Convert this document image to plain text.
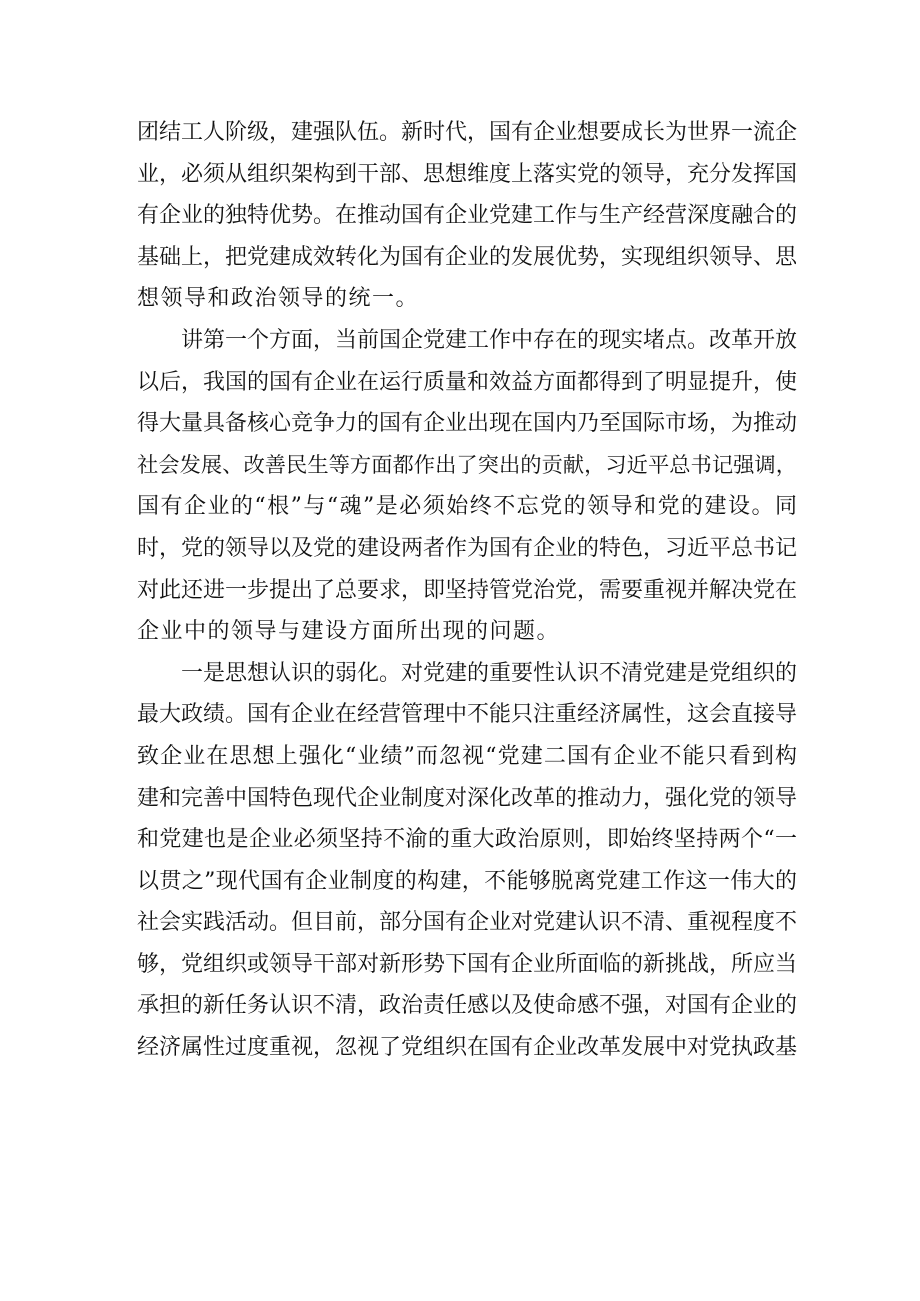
团结工人阶级，建强队伍。新时代，国有企业想要成长为世界一流企
业，必须从组织架构到干部、思想维度上落实党的领导，充分发挥国
有企业的独特优势。在推动国有企业党建工作与生产经营深度融合的
基础上，把党建成效转化为国有企业的发展优势，实现组织领导、思
想领导和政治领导的统一。
讲第一个方面，当前国企党建工作中存在的现实堵点。改革开放
以后，我国的国有企业在运行质量和效益方面都得到了明显提升，使
得大量具备核心竞争力的国有企业出现在国内乃至国际市场，为推动
社会发展、改善民生等方面都作出了突出的贡献，习近平总书记强调，
国有企业的“根”与“魂”是必须始终不忘党的领导和党的建设。同
时，党的领导以及党的建设两者作为国有企业的特色，习近平总书记
对此还进一步提出了总要求，即坚持管党治党，需要重视并解决党在
企业中的领导与建设方面所出现的问题。
一是思想认识的弱化。对党建的重要性认识不清党建是党组织的
最大政绩。国有企业在经营管理中不能只注重经济属性，这会直接导
致企业在思想上强化“业绩”而忽视“党建二国有企业不能只看到构
建和完善中国特色现代企业制度对深化改革的推动力，强化党的领导
和党建也是企业必须坚持不渝的重大政治原则，即始终坚持两个“一
以贯之”现代国有企业制度的构建，不能够脱离党建工作这一伟大的
社会实践活动。但目前，部分国有企业对党建认识不清、重视程度不
够，党组织或领导干部对新形势下国有企业所面临的新挑战，所应当
承担的新任务认识不清，政治责任感以及使命感不强，对国有企业的
经济属性过度重视，忽视了党组织在国有企业改革发展中对党执政基
